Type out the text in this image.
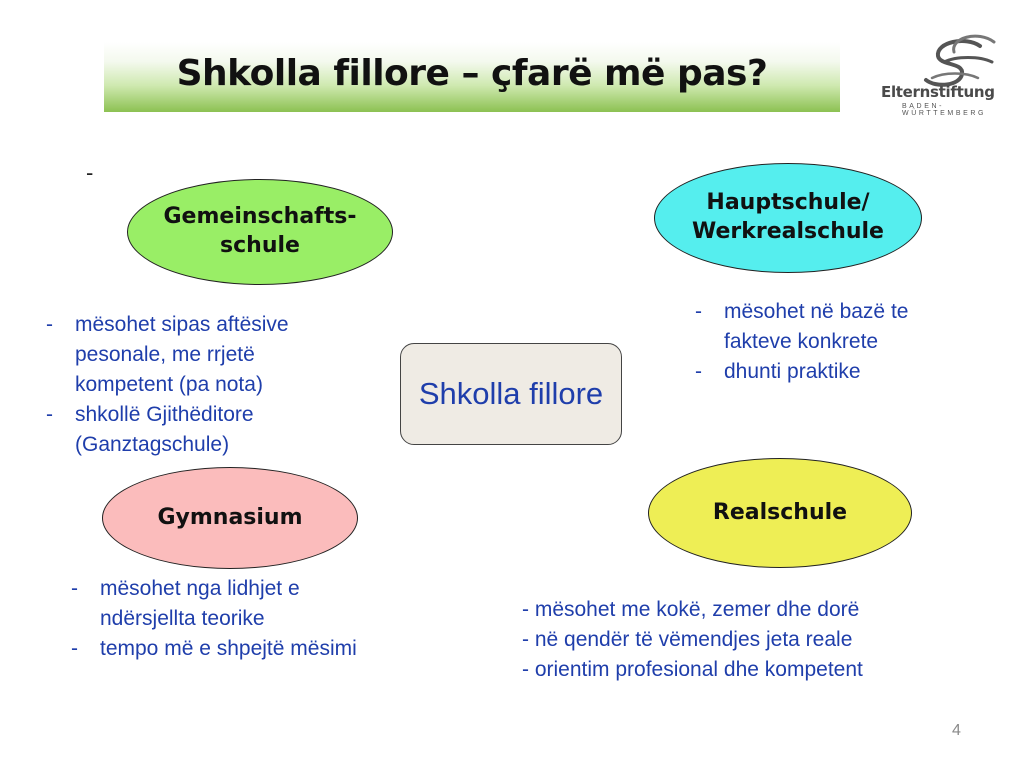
Shkolla fillore – çfarë më pas?	Elternstiftung
BADEN-WÜRTTEMBERG
-
Gemeinschafts-
schule
- mësohet sipas aftësive pesonale, me rrjetë kompetent (pa nota)
- shkollë Gjithëditore (Ganztagschule)
Hauptschule/
Werkrealschule
- mësohet në bazë te fakteve konkrete
- dhunti praktike
Shkolla fillore
Gymnasium
- mësohet nga lidhjet e ndërsjellta teorike
- tempo më e shpejtë mësimi
Realschule
- mësohet me kokë, zemer dhe dorë
- në qendër të vëmendjes jeta reale
- orientim profesional dhe kompetent
4
